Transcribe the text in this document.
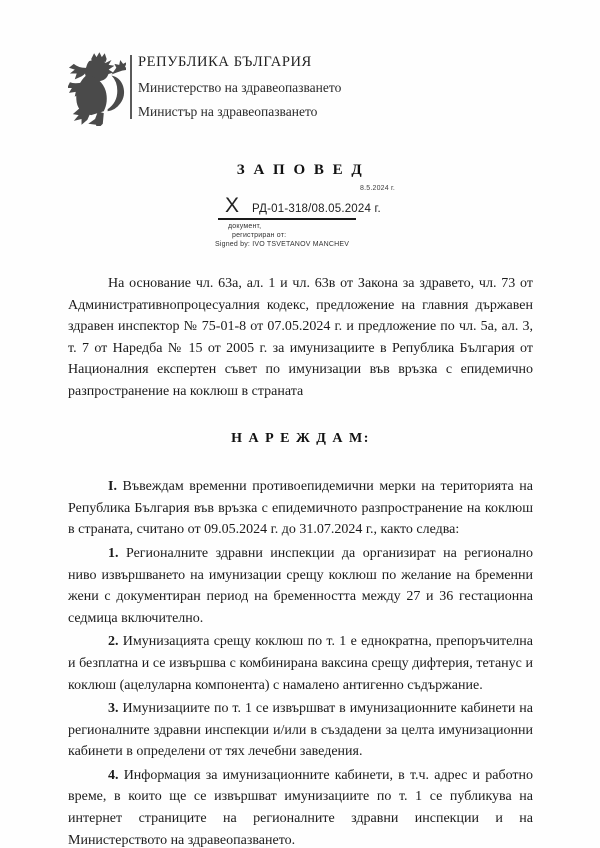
РЕПУБЛИКА БЪЛГАРИЯ
Министерство на здравеопазването
Министър на здравеопазването
З А П О В Е Д
8.5.2024 г.
X РД-01-318/08.05.2024 г.
документ,
регистриран от:
Signed by: IVO TSVETANOV MANCHEV

На основание чл. 63а, ал. 1 и чл. 63в от Закона за здравето, чл. 73 от Административнопроцесуалния кодекс, предложение на главния държавен здравен инспектор № 75-01-8 от 07.05.2024 г. и предложение по чл. 5а, ал. 3, т. 7 от Наредба № 15 от 2005 г. за имунизациите в Република България от Националния експертен съвет по имунизации във връзка с епидемично разпространение на коклюш в страната

Н А Р Е Ж Д А М:

I. Въвеждам временни противоепидемични мерки на територията на Република България във връзка с епидемичното разпространение на коклюш в страната, считано от 09.05.2024 г. до 31.07.2024 г., както следва:

1. Регионалните здравни инспекции да организират на регионално ниво извършването на имунизации срещу коклюш по желание на бременни жени с документиран период на бременността между 27 и 36 гестационна седмица включително.

2. Имунизацията срещу коклюш по т. 1 е еднократна, препоръчителна и безплатна и се извършва с комбинирана ваксина срещу дифтерия, тетанус и коклюш (ацелуларна компонента) с намалено антигенно съдържание.

3. Имунизациите по т. 1 се извършват в имунизационните кабинети на регионалните здравни инспекции и/или в създадени за целта имунизационни кабинети в определени от тях лечебни заведения.

4. Информация за имунизационните кабинети, в т.ч. адрес и работно време, в които ще се извършват имунизациите по т. 1 се публикува на интернет страниците на регионалните здравни инспекции и на Министерството на здравеопазването.
